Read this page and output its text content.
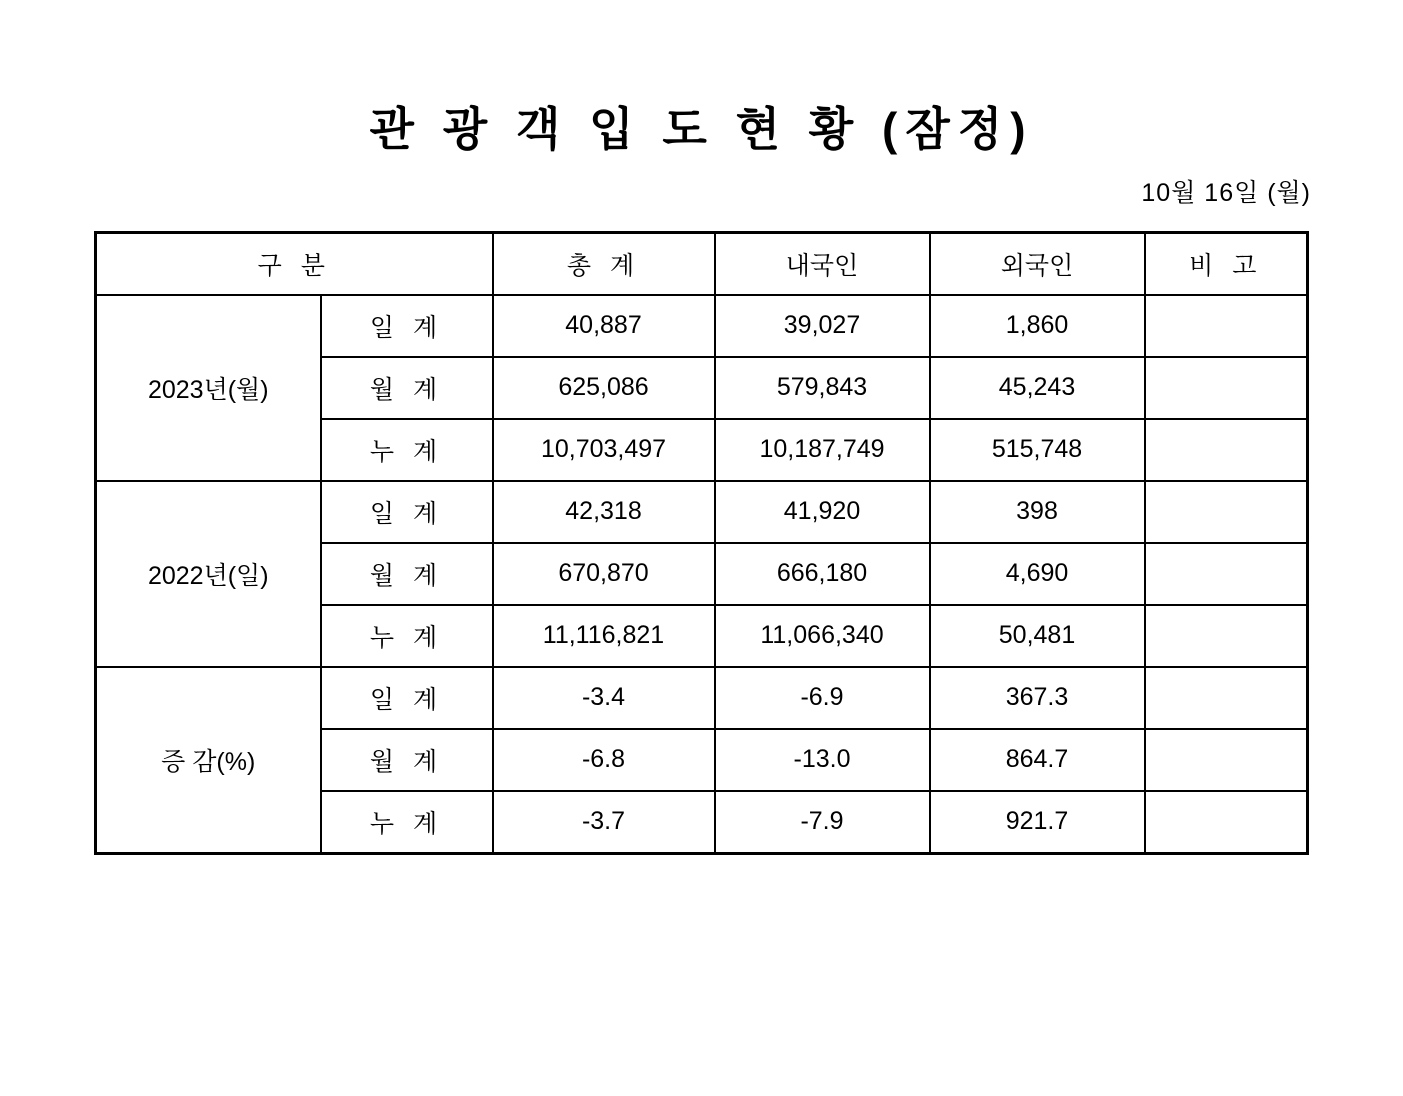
관 광 객 입 도 현 황 (잠정)
10월 16일 (월)
구 분		총 계	내국인	외국인	비 고
2023년(월)	일 계	40,887	39,027	1,860	
	월 계	625,086	579,843	45,243	
	누 계	10,703,497	10,187,749	515,748	
2022년(일)	일 계	42,318	41,920	398	
	월 계	670,870	666,180	4,690	
	누 계	11,116,821	11,066,340	50,481	
증 감(%)	일 계	-3.4	-6.9	367.3	
	월 계	-6.8	-13.0	864.7	
	누 계	-3.7	-7.9	921.7	
